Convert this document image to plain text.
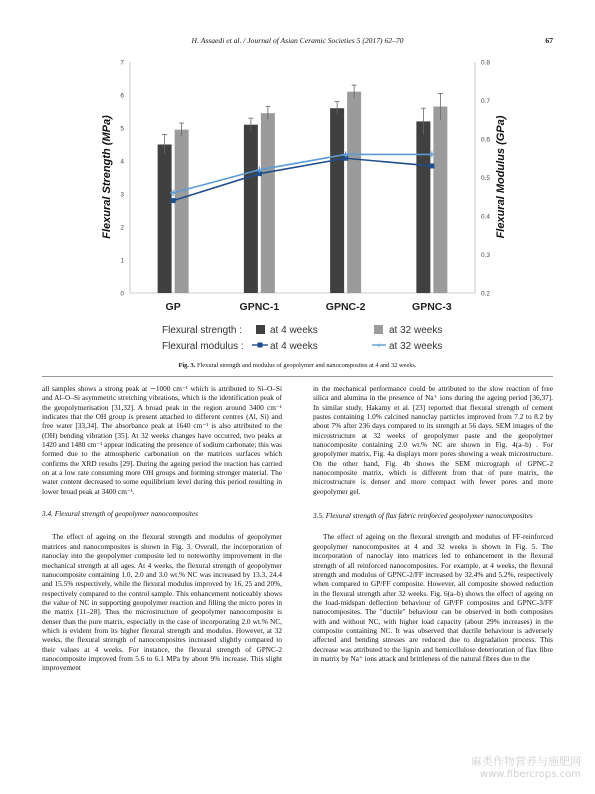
H. Assaedi et al. / Journal of Asian Ceramic Societies 5 (2017) 62–70	67
0
1
2
3
4
5
6
7
0.2
0.3
0.4
0.5
0.6
0.7
0.8
GP	GPNC-1	GPNC-2	GPNC-3
Flexural Strength (MPa)	Flexural Modulus (GPa)
Flexural strength :	at 4 weeks	at 32 weeks
Flexural modulus :	at 4 weeks	+ at 32 weeks
Fig. 3. Flexural strength and modulus of geopolymer and nanocomposites at 4 and 32 weeks.

all samples shows a strong peak at ∼1000 cm⁻¹ which is attributed to Si–O–Si and Al–O–Si asymmetric stretching vibrations, which is the identification peak of the geopolymerisation [31,32]. A broad peak in the region around 3400 cm⁻¹ indicates that the OH group is present attached to different centres (Al, Si) and free water [33,34]. The absorbance peak at 1640 cm⁻¹ is also attributed to the (OH) bending vibration [35]. At 32 weeks changes have occurred, two peaks at 1420 and 1480 cm⁻¹ appear indicating the presence of sodium carbonate; this was formed due to the atmospheric carbonation on the matrices surfaces which confirms the XRD results [29]. During the ageing period the reaction has carried on at a low rate consuming more OH groups and forming stronger material. The water content decreased to some equilibrium level during this period resulting in lower broad peak at 3400 cm⁻¹.

3.4. Flexural strength of geopolymer nanocomposites

The effect of ageing on the flexural strength and modulus of geopolymer matrices and nanocomposites is shown in Fig. 3. Overall, the incorporation of nanoclay into the geopolymer composite led to noteworthy improvement in the mechanical strength at all ages. At 4 weeks, the flexural strength of geopolymer nanocomposite containing 1.0, 2.0 and 3.0 wt.% NC was increased by 13.3, 24.4 and 15.5% respectively, while the flexural modulus improved by 16, 25 and 20%, respectively compared to the control sample. This enhancement noticeably shows the value of NC in supporting geopolymer reaction and filling the micro pores in the matrix [11–28]. Thus the microstructure of geopolymer nanocomposite is denser than the pure matrix, especially in the case of incorporating 2.0 wt.% NC, which is evident from its higher flexural strength and modulus. However, at 32 weeks, the flexural strength of nanocomposites increased slightly compared to their values at 4 weeks. For instance, the flexural strength of GPNC-2 nanocomposite improved from 5.6 to 6.1 MPa by about 9% increase. This slight improvement

in the mechanical performance could be attributed to the slow reaction of free silica and alumina in the presence of Na⁺ ions during the ageing period [36,37]. In similar study, Hakamy et al. [23] reported that flexural strength of cement pastes containing 1.0% calcined nanoclay particles improved from 7.2 to 8.2 by about 7% after 236 days compared to its strength at 56 days. SEM images of the microstructure at 32 weeks of geopolymer paste and the geopolymer nanocomposite containing 2.0 wt.% NC are shown in Fig. 4(a–b) . For geopolymer matrix, Fig. 4a displays more pores showing a weak microstructure. On the other hand, Fig. 4b shows the SEM micrograph of GPNC-2 nanocomposite matrix, which is different from that of pure matrix, the microstructure is denser and more compact with fewer pores and more geopolymer gel.

3.5. Flexural strength of flax fabric reinforced geopolymer nanocomposites

The effect of ageing on the flexural strength and modulus of FF-reinforced geopolymer nanocomposites at 4 and 32 weeks is shown in Fig. 5. The incorporation of nanoclay into matrices led to enhancement in the flexural strength of all reinforced nanocomposites. For example, at 4 weeks, the flexural strength and modulus of GPNC-2/FF increased by 32.4% and 5.2%, respectively when compared to GP/FF composite. However, all composite showed reduction in the flexural strength after 32 weeks. Fig. 6(a–b) shows the effect of ageing on the load-midspan deflection behaviour of GP/FF composites and GPNC-3/FF nanocomposites. The "ductile" behaviour can be observed in both composites with and without NC, with higher load capacity (about 29% increases) in the composite containing NC. It was observed that ductile behaviour is adversely affected and bending stresses are reduced due to degradation process. This decrease was attributed to the lignin and hemicellulose deterioration of flax fibre in matrix by Na⁺ ions attack and brittleness of the natural fibres due to the

麻类作物营养与施肥网
www.fibercrops.com
